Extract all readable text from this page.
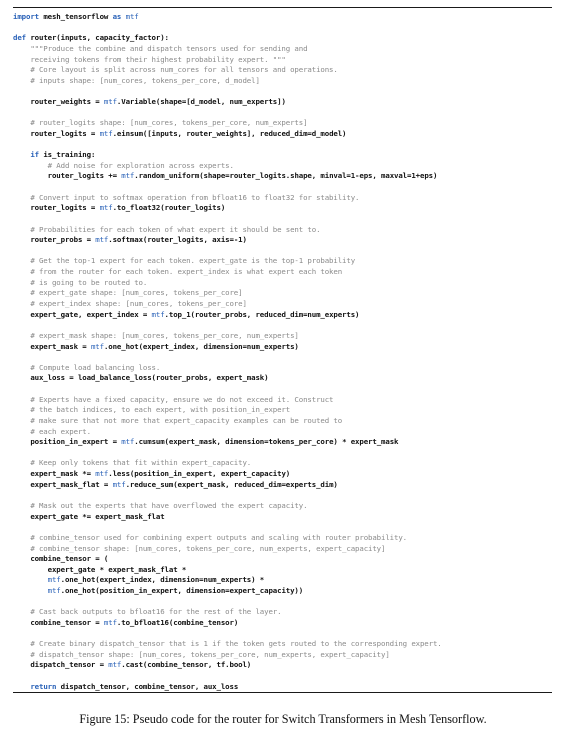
import mesh_tensorflow as mtf
def router(inputs, capacity_factor):
"""Produce the combine and dispatch tensors used for sending and
receiving tokens from their highest probability expert. """
# Core layout is split across num_cores for all tensors and operations.
# inputs shape: [num_cores, tokens_per_core, d_model]
router_weights = mtf.Variable(shape=[d_model, num_experts])
# router_logits shape: [num_cores, tokens_per_core, num_experts]
router_logits = mtf.einsum([inputs, router_weights], reduced_dim=d_model)
if is_training:
# Add noise for exploration across experts.
router_logits += mtf.random_uniform(shape=router_logits.shape, minval=1-eps, maxval=1+eps)
# Convert input to softmax operation from bfloat16 to float32 for stability.
router_logits = mtf.to_float32(router_logits)
# Probabilities for each token of what expert it should be sent to.
router_probs = mtf.softmax(router_logits, axis=-1)
# Get the top-1 expert for each token. expert_gate is the top-1 probability
# from the router for each token. expert_index is what expert each token
# is going to be routed to.
# expert_gate shape: [num_cores, tokens_per_core]
# expert_index shape: [num_cores, tokens_per_core]
expert_gate, expert_index = mtf.top_1(router_probs, reduced_dim=num_experts)
# expert_mask shape: [num_cores, tokens_per_core, num_experts]
expert_mask = mtf.one_hot(expert_index, dimension=num_experts)
# Compute load balancing loss.
aux_loss = load_balance_loss(router_probs, expert_mask)
# Experts have a fixed capacity, ensure we do not exceed it. Construct
# the batch indices, to each expert, with position_in_expert
# make sure that not more that expert_capacity examples can be routed to
# each expert.
position_in_expert = mtf.cumsum(expert_mask, dimension=tokens_per_core) * expert_mask
# Keep only tokens that fit within expert_capacity.
expert_mask *= mtf.less(position_in_expert, expert_capacity)
expert_mask_flat = mtf.reduce_sum(expert_mask, reduced_dim=experts_dim)
# Mask out the experts that have overflowed the expert capacity.
expert_gate *= expert_mask_flat
# combine_tensor used for combining expert outputs and scaling with router probability.
# combine_tensor shape: [num_cores, tokens_per_core, num_experts, expert_capacity]
combine_tensor = (
expert_gate * expert_mask_flat *
mtf.one_hot(expert_index, dimension=num_experts) *
mtf.one_hot(position_in_expert, dimension=expert_capacity))
# Cast back outputs to bfloat16 for the rest of the layer.
combine_tensor = mtf.to_bfloat16(combine_tensor)
# Create binary dispatch_tensor that is 1 if the token gets routed to the corresponding expert.
# dispatch_tensor shape: [num_cores, tokens_per_core, num_experts, expert_capacity]
dispatch_tensor = mtf.cast(combine_tensor, tf.bool)
return dispatch_tensor, combine_tensor, aux_loss
Figure 15: Pseudo code for the router for Switch Transformers in Mesh Tensorflow.
